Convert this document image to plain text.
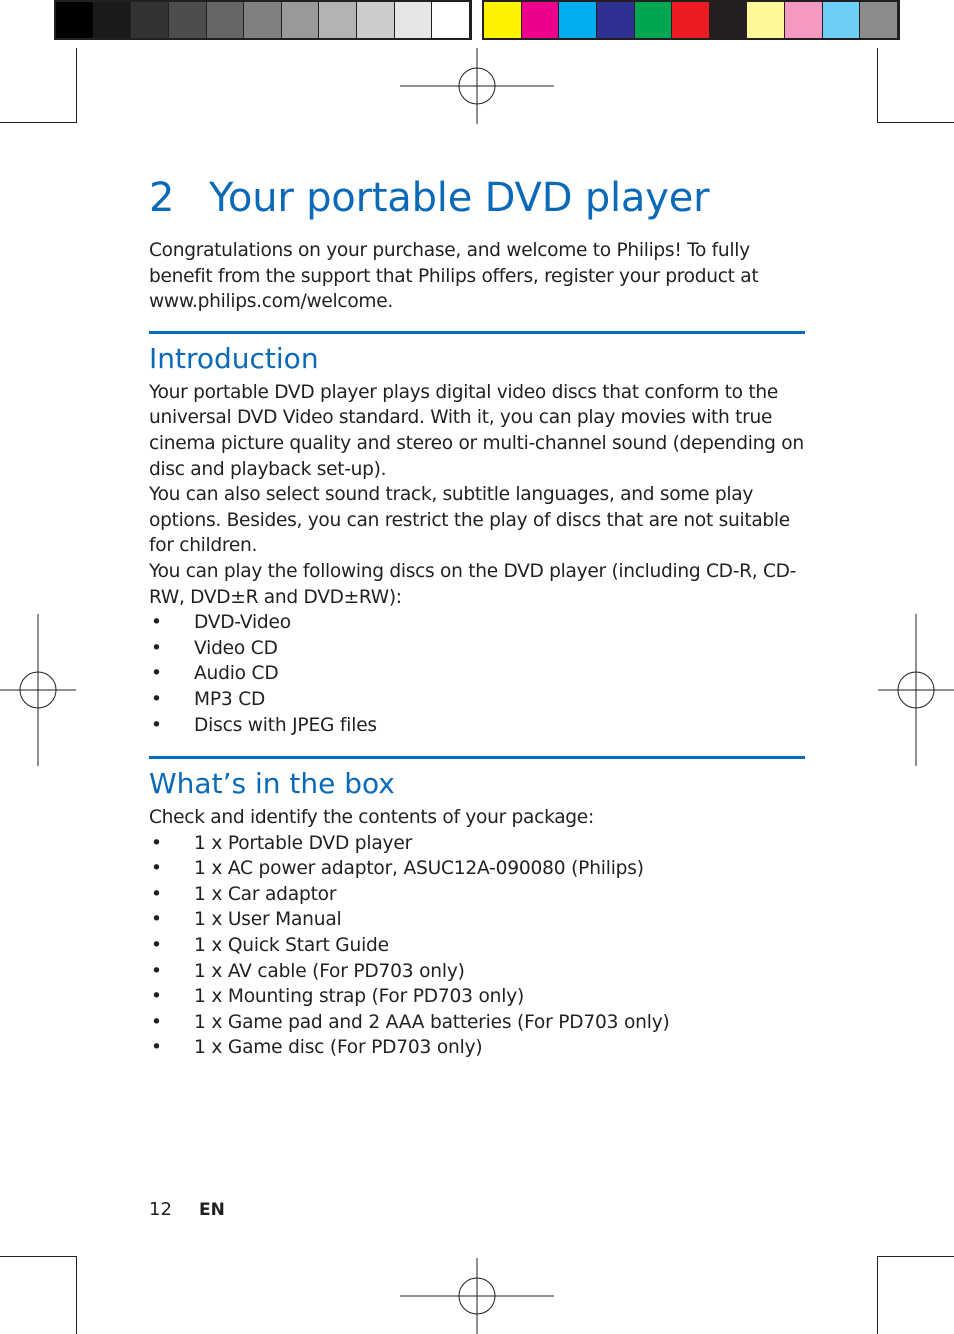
2 Your portable DVD player

Congratulations on your purchase, and welcome to Philips! To fully benefit from the support that Philips offers, register your product at www.philips.com/welcome.

Introduction

Your portable DVD player plays digital video discs that conform to the universal DVD Video standard. With it, you can play movies with true cinema picture quality and stereo or multi-channel sound (depending on disc and playback set-up).

You can also select sound track, subtitle languages, and some play options. Besides, you can restrict the play of discs that are not suitable for children.

You can play the following discs on the DVD player (including CD-R, CD-RW, DVD±R and DVD±RW):

• DVD-Video
• Video CD
• Audio CD
• MP3 CD
• Discs with JPEG files
What’s in the box

Check and identify the contents of your package:

• 1 x Portable DVD player
• 1 x AC power adaptor, ASUC12A-090080 (Philips)
• 1 x Car adaptor
• 1 x User Manual
• 1 x Quick Start Guide
• 1 x AV cable (For PD703 only)
• 1 x Mounting strap (For PD703 only)
• 1 x Game pad and 2 AAA batteries (For PD703 only)
• 1 x Game disc (For PD703 only)
12 EN
